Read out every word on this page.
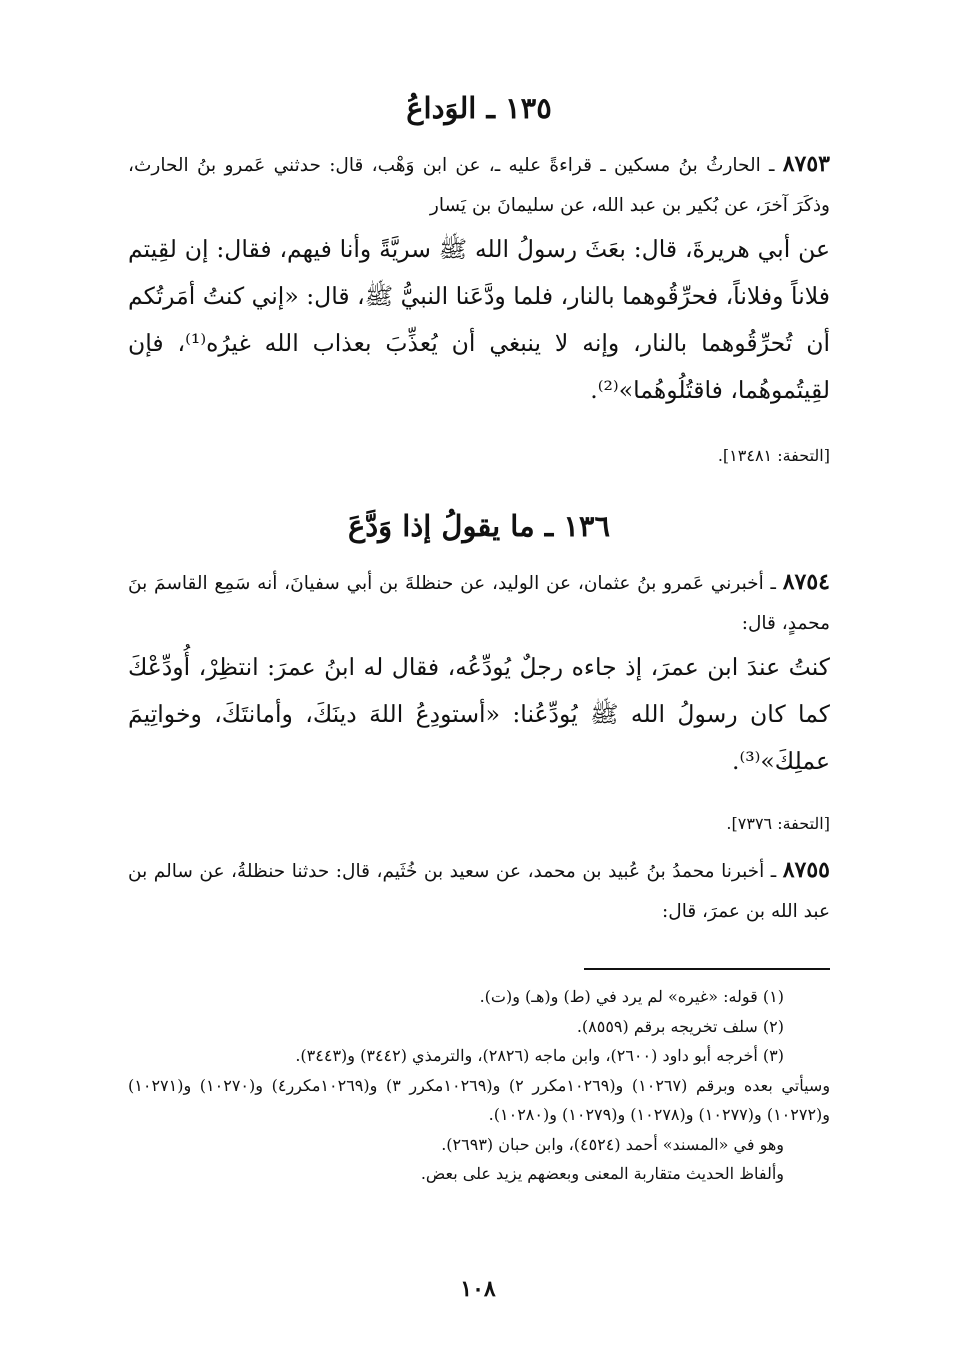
١٣٥ ـ الوَداعُ

٨٧٥٣ ـ الحارثُ بنُ مسكين ـ قراءةً عليه ـ، عن ابن وَهْب، قال: حدثني عَمرو بنُ الحارث، وذكَرَ آخرَ، عن بُكير بن عبد الله، عن سليمانَ بن يَسار

عن أبي هريرةَ، قال: بعَثَ رسولُ الله ﷺ سريَّةً وأنا فيهم، فقال: إن لقِيتم فلاناً وفلاناً، فحرِّقُوهما بالنار، فلما ودَّعَنا النبيُّ ﷺ، قال: «إني كنتُ أمَرتُكم أن تُحرِّقُوهما بالنار، وإنه لا ينبغي أن يُعذِّبَ بعذاب الله غيرُه⁽¹⁾، فإن لقِيتُموهُما، فاقتُلُوهُما»⁽²⁾.

[التحفة: ١٣٤٨١].

١٣٦ ـ ما يقولُ إذا وَدَّعَ

٨٧٥٤ ـ أخبرني عَمرو بنُ عثمان، عن الوليد، عن حنظلةَ بن أبي سفيانَ، أنه سَمِع القاسمَ بنَ محمدٍ، قال:

كنتُ عندَ ابن عمرَ، إذ جاءه رجلٌ يُودِّعُه، فقال له ابنُ عمرَ: انتظِرْ، أُودِّعْكَ كما كان رسولُ الله ﷺ يُودِّعُنا: «أستودِعُ اللهَ دينَكَ، وأمانتَكَ، وخواتِيمَ عملِكَ»⁽³⁾.

[التحفة: ٧٣٧٦].

٨٧٥٥ ـ أخبرنا محمدُ بنُ عُبيد بن محمد، عن سعيد بن خُثَيم، قال: حدثنا حنظلةُ، عن سالم بن عبد الله بن عمرَ، قال:

(١) قوله: «غيره» لم يرد في (ط) و(هـ) و(ت).

(٢) سلف تخريجه برقم (٨٥٥٩).

(٣) أخرجه أبو داود (٢٦٠٠)، وابن ماجه (٢٨٢٦)، والترمذي (٣٤٤٢) و(٣٤٤٣).

وسيأتي بعده وبرقم (١٠٢٦٧) و(١٠٢٦٩مكرر ٢) و(١٠٢٦٩مكرر ٣) و(١٠٢٦٩مكرر٤) و(١٠٢٧٠) و(١٠٢٧١) و(١٠٢٧٢) و(١٠٢٧٧) و(١٠٢٧٨) و(١٠٢٧٩) و(١٠٢٨٠).

وهو في «المسند» أحمد (٤٥٢٤)، وابن حبان (٢٦٩٣).

وألفاظ الحديث متقاربة المعنى وبعضهم يزيد على بعض.

١٠٨
